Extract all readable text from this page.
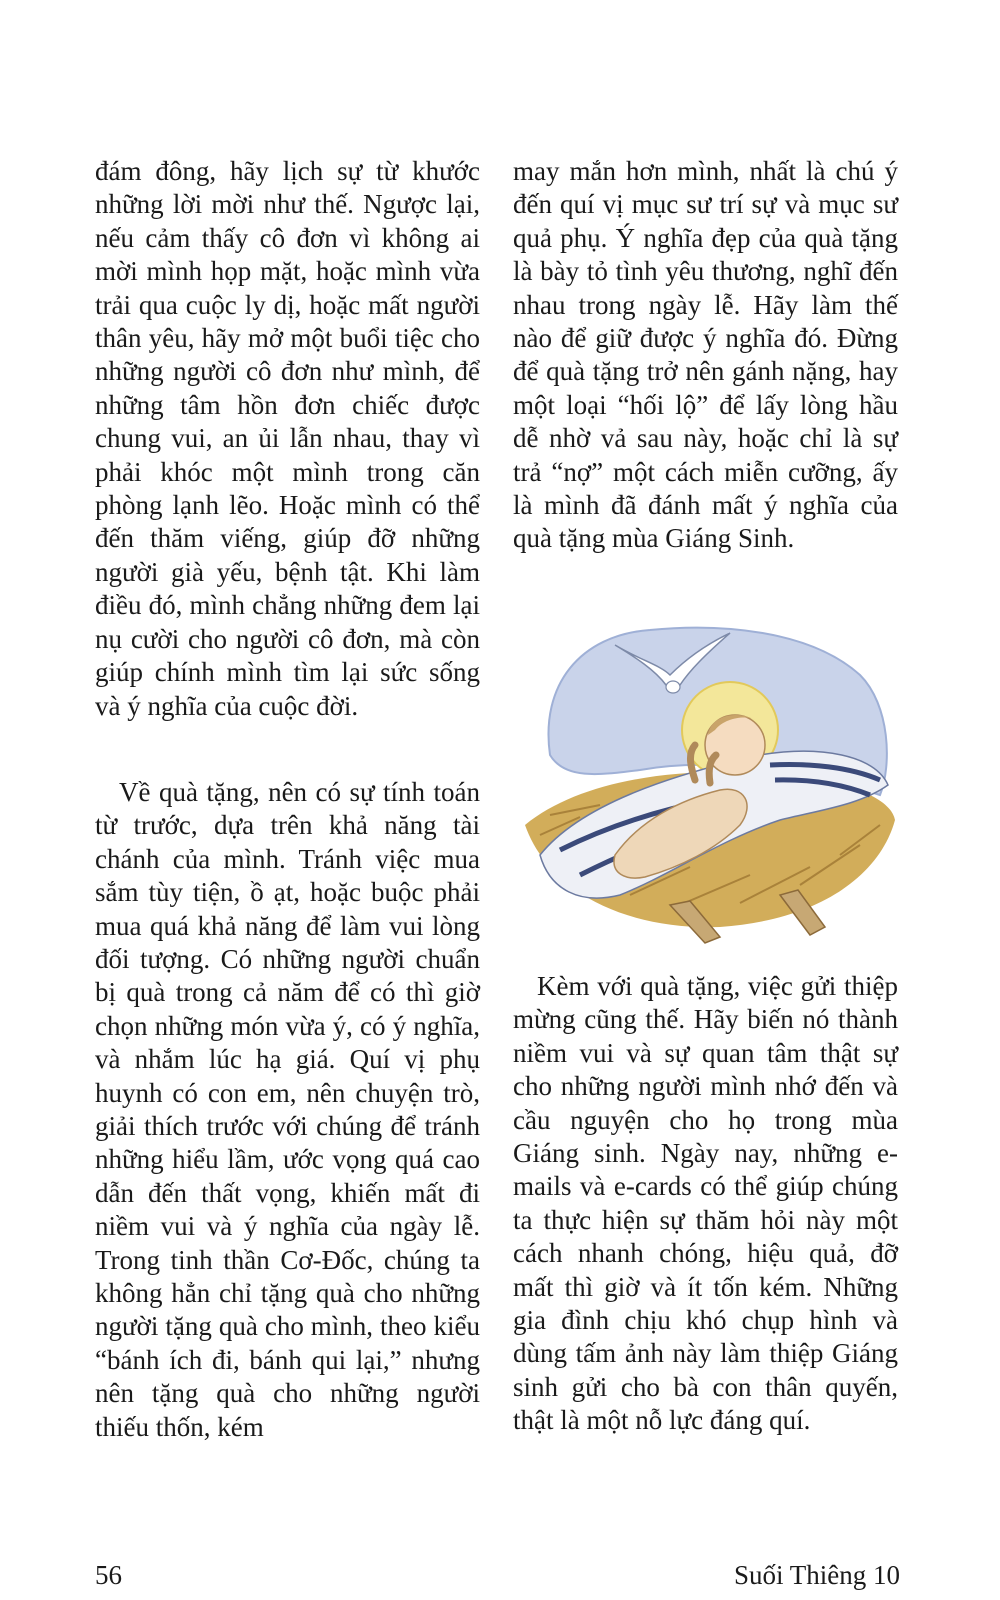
đám đông, hãy lịch sự từ khước những lời mời như thế. Ngược lại, nếu cảm thấy cô đơn vì không ai mời mình họp mặt, hoặc mình vừa trải qua cuộc ly dị, hoặc mất người thân yêu, hãy mở một buổi tiệc cho những người cô đơn như mình, để những tâm hồn đơn chiếc được chung vui, an ủi lẫn nhau, thay vì phải khóc một mình trong căn phòng lạnh lẽo. Hoặc mình có thể đến thăm viếng, giúp đỡ những người già yếu, bệnh tật. Khi làm điều đó, mình chẳng những đem lại nụ cười cho người cô đơn, mà còn giúp chính mình tìm lại sức sống và ý nghĩa của cuộc đời.

Về quà tặng, nên có sự tính toán từ trước, dựa trên khả năng tài chánh của mình. Tránh việc mua sắm tùy tiện, ồ ạt, hoặc buộc phải mua quá khả năng để làm vui lòng đối tượng. Có những người chuẩn bị quà trong cả năm để có thì giờ chọn những món vừa ý, có ý nghĩa, và nhắm lúc hạ giá. Quí vị phụ huynh có con em, nên chuyện trò, giải thích trước với chúng để tránh những hiểu lầm, ước vọng quá cao dẫn đến thất vọng, khiến mất đi niềm vui và ý nghĩa của ngày lễ. Trong tinh thần Cơ-Đốc, chúng ta không hẳn chỉ tặng quà cho những người tặng quà cho mình, theo kiểu “bánh ích đi, bánh qui lại,” nhưng nên tặng quà cho những người thiếu thốn, kém

may mắn hơn mình, nhất là chú ý đến quí vị mục sư trí sự và mục sư quả phụ. Ý nghĩa đẹp của quà tặng là bày tỏ tình yêu thương, nghĩ đến nhau trong ngày lễ. Hãy làm thế nào để giữ được ý nghĩa đó. Đừng để quà tặng trở nên gánh nặng, hay một loại “hối lộ” để lấy lòng hầu dễ nhờ vả sau này, hoặc chỉ là sự trả “nợ” một cách miễn cưỡng, ấy là mình đã đánh mất ý nghĩa của quà tặng mùa Giáng Sinh.

Kèm với quà tặng, việc gửi thiệp mừng cũng thế. Hãy biến nó thành niềm vui và sự quan tâm thật sự cho những người mình nhớ đến và cầu nguyện cho họ trong mùa Giáng sinh. Ngày nay, những e-mails và e-cards có thể giúp chúng ta thực hiện sự thăm hỏi này một cách nhanh chóng, hiệu quả, đỡ mất thì giờ và ít tốn kém. Những gia đình chịu khó chụp hình và dùng tấm ảnh này làm thiệp Giáng sinh gửi cho bà con thân quyến, thật là một nỗ lực đáng quí.

56	Suối Thiêng 10
